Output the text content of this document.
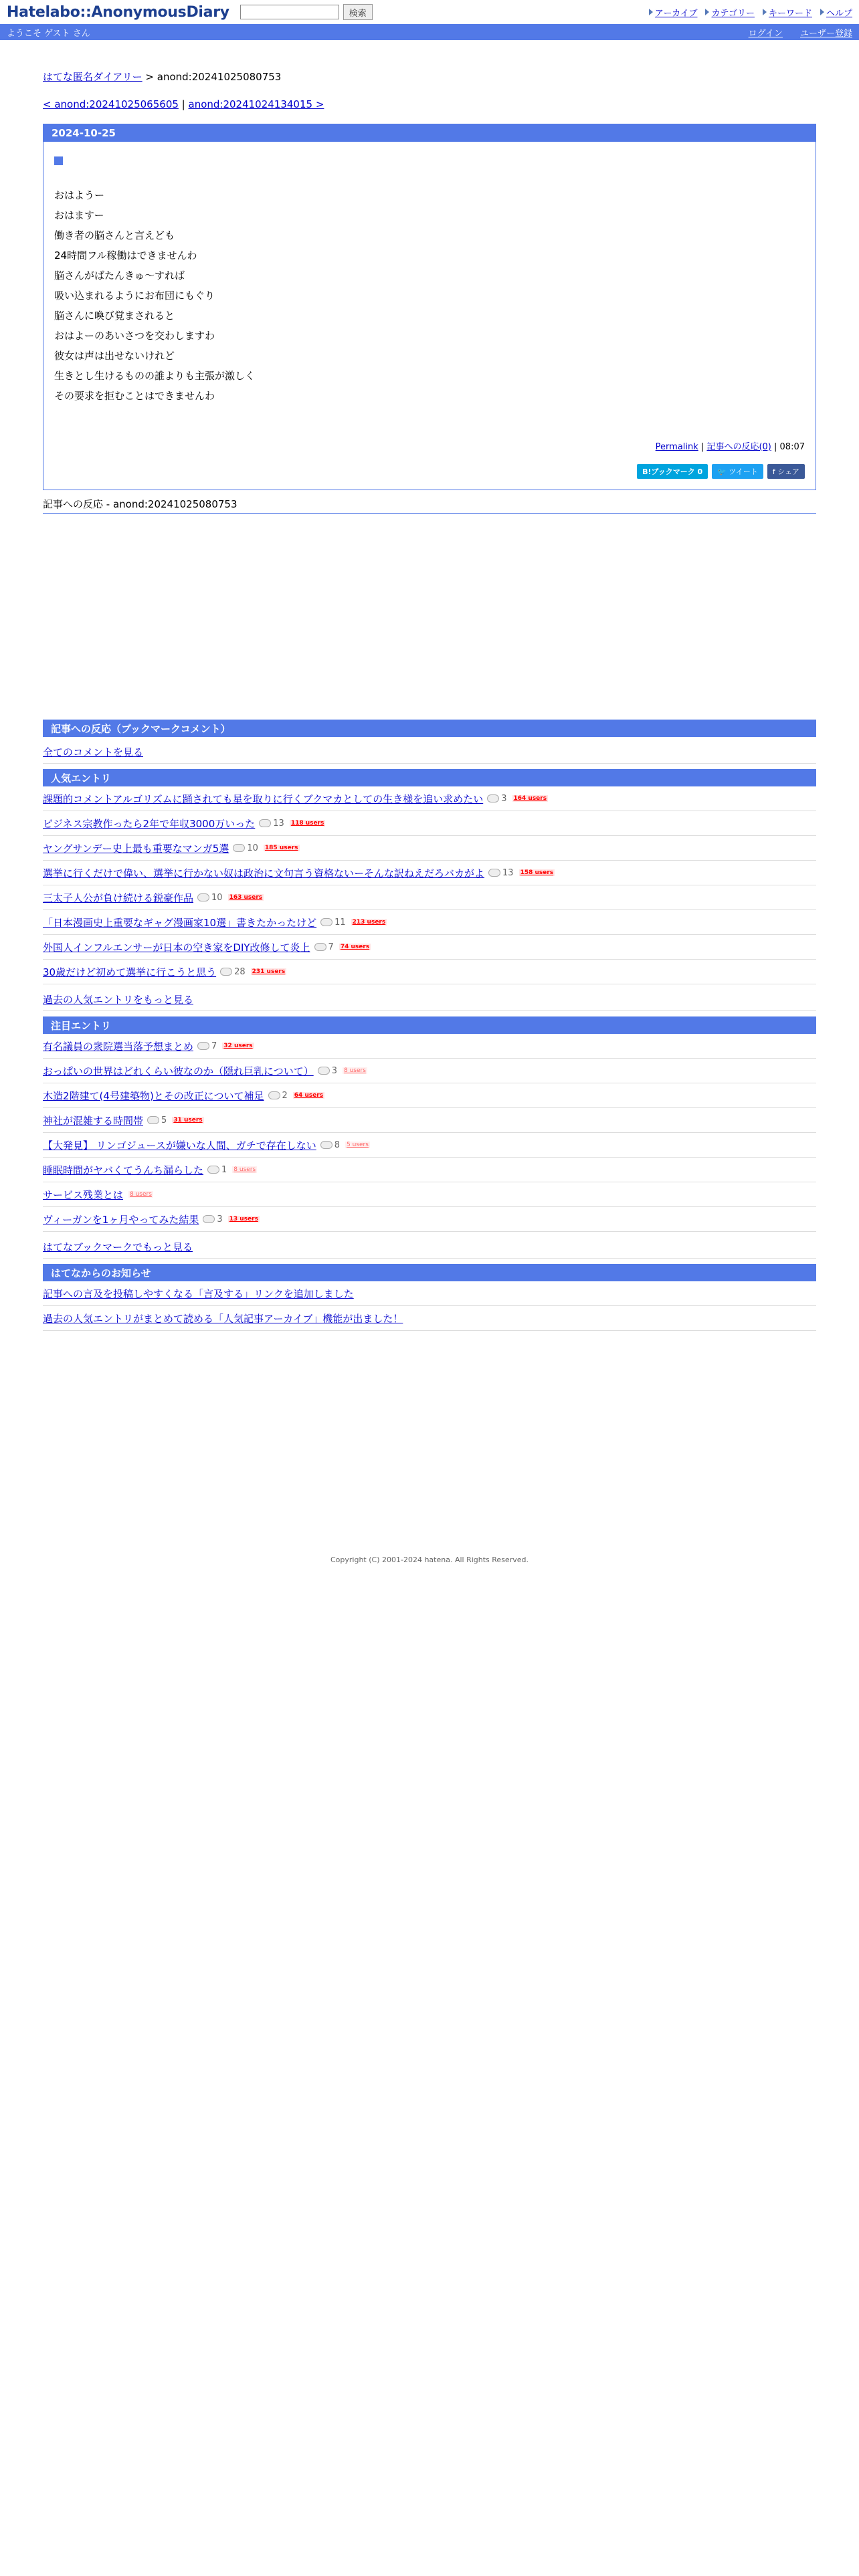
Hatelabo::AnonymousDiary	検索	アーカイブ カテゴリー キーワード ヘルプ
ようこそ ゲスト さん	ログイン ユーザー登録
はてな匿名ダイアリー > anond:20241025080753
< anond:20241025065605 | anond:20241024134015 >
2024-10-25

おはようー

おはますー

働き者の脳さんと言えども

24時間フル稼働はできませんわ

脳さんがばたんきゅ〜すれば

吸い込まれるようにお布団にもぐり

脳さんに喚び覚まされると

おはよーのあいさつを交わしますわ

彼女は声は出せないけれど

生きとし生けるものの誰よりも主張が激しく

その要求を拒むことはできませんわ

Permalink | 記事への反応(0) | 08:07
B!ブックマーク 0	🐦 ツイート	f シェア
記事への反応 - anond:20241025080753
記事への反応（ブックマークコメント）
全てのコメントを見る
人気エントリ
課題的コメントアルゴリズムに踊されても星を取りに行くブクマカとしての生き様を追い求めたい 3 164 users
ビジネス宗教作ったら2年で年収3000万いった 13 118 users
ヤングサンデー史上最も重要なマンガ5選 10 185 users
選挙に行くだけで偉い、選挙に行かない奴は政治に文句言う資格ないーそんな訳ねえだろバカがよ 13 158 users
三太子人公が負け続ける鋭豪作品 10 163 users
「日本漫画史上重要なギャグ漫画家10選」書きたかったけど 11 213 users
外国人インフルエンサーが日本の空き家をDIY改修して炎上 7 74 users
30歳だけど初めて選挙に行こうと思う 28 231 users
過去の人気エントリをもっと見る
注目エントリ
有名議員の衆院選当落予想まとめ 7 32 users
おっぱいの世界はどれくらい彼なのか（隠れ巨乳について） 3 8 users
木造2階建て(4号建築物)とその改正について補足 2 64 users
神社が混雑する時間帯 5 31 users
【大発見】 リンゴジュースが嫌いな人間、ガチで存在しない 8 5 users
睡眠時間がヤバくてうんち漏らした 1 8 users
サービス残業とは 8 users
ヴィーガンを1ヶ月やってみた結果 3 13 users
はてなブックマークでもっと見る
はてなからのお知らせ
記事への言及を投稿しやすくなる「言及する」リンクを追加しました
過去の人気エントリがまとめて読める「人気記事アーカイブ」機能が出ました！
Copyright (C) 2001-2024 hatena. All Rights Reserved.
